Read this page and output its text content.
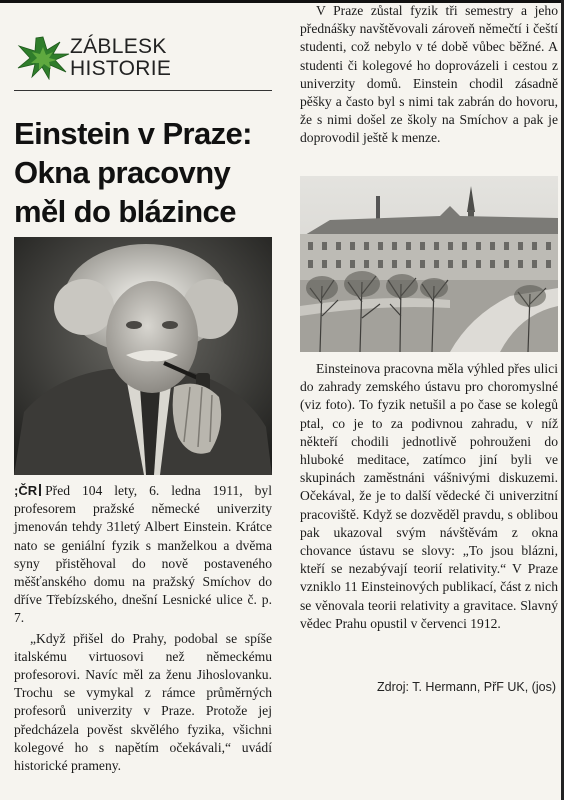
ZÁBLESK
HISTORIE
Einstein v Praze:
Okna pracovny
měl do blázince

;ČR Před 104 lety, 6. ledna 1911, byl profesorem pražské německé univerzity jmenován tehdy 31letý Albert Einstein. Krátce nato se geniální fyzik s manželkou a dvěma syny přistěhoval do nově postaveného měšťanského domu na pražský Smíchov do dříve Třebízského, dnešní Lesnické ulice č. p. 7.

„Když přišel do Prahy, podobal se spíše italskému virtuosovi než německému profesorovi. Navíc měl za ženu Jihoslovanku. Trochu se vymykal z rámce průměrných profesorů univerzity v Praze. Protože jej předcházela pověst skvělého fyzika, všichni kolegové ho s napětím očekávali,“ uvádí historické prameny.

V Praze zůstal fyzik tři semestry a jeho přednášky navštěvovali zároveň němečtí i čeští studenti, což nebylo v té době vůbec běžné. A studenti či kolegové ho doprovázeli i cestou z univerzity domů. Einstein chodil zásadně pěšky a často byl s nimi tak zabrán do hovoru, že s nimi došel ze školy na Smíchov a pak je doprovodil ještě k menze.

Einsteinova pracovna měla výhled přes ulici do zahrady zemského ústavu pro choromyslné (viz foto). To fyzik netušil a po čase se kolegů ptal, co je to za podivnou zahradu, v níž někteří chodili jednotlivě pohrouženi do hluboké meditace, zatímco jiní byli ve skupinách zaměstnáni vášnivými diskuzemi. Očekával, že je to další vědecké či univerzitní pracoviště. Když se dozvěděl pravdu, s oblibou pak ukazoval svým návštěvám z okna chovance ústavu se slovy: „To jsou blázni, kteří se nezabývají teorií relativity.“ V Praze vzniklo 11 Einsteinových publikací, část z nich se věnovala teorii relativity a gravitace. Slavný vědec Prahu opustil v červenci 1912.

Zdroj: T. Hermann, PřF UK, (jos)
